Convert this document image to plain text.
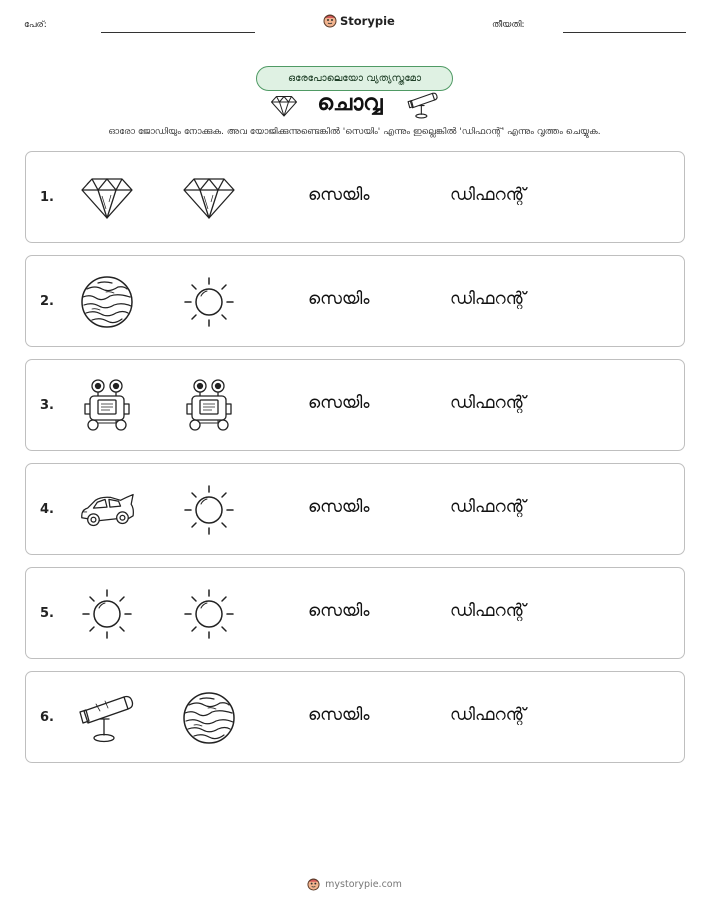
പേര്:	Storypie	തീയതി:
ഒരേപോലെയോ വ്യത്യസ്തമോ
ചൊവ്വ
ഓരോ ജോഡിയും നോക്കുക. അവ യോജിക്കുന്നുണ്ടെങ്കിൽ 'സെയിം' എന്നും ഇല്ലെങ്കിൽ 'ഡിഫറന്റ്' എന്നും വൃത്തം ചെയ്യുക.
1.	സെയിം	ഡിഫറന്റ്
2.	സെയിം	ഡിഫറന്റ്
3.	സെയിം	ഡിഫറന്റ്
4.	സെയിം	ഡിഫറന്റ്
5.	സെയിം	ഡിഫറന്റ്
6.	സെയിം	ഡിഫറന്റ്
mystorypie.com
